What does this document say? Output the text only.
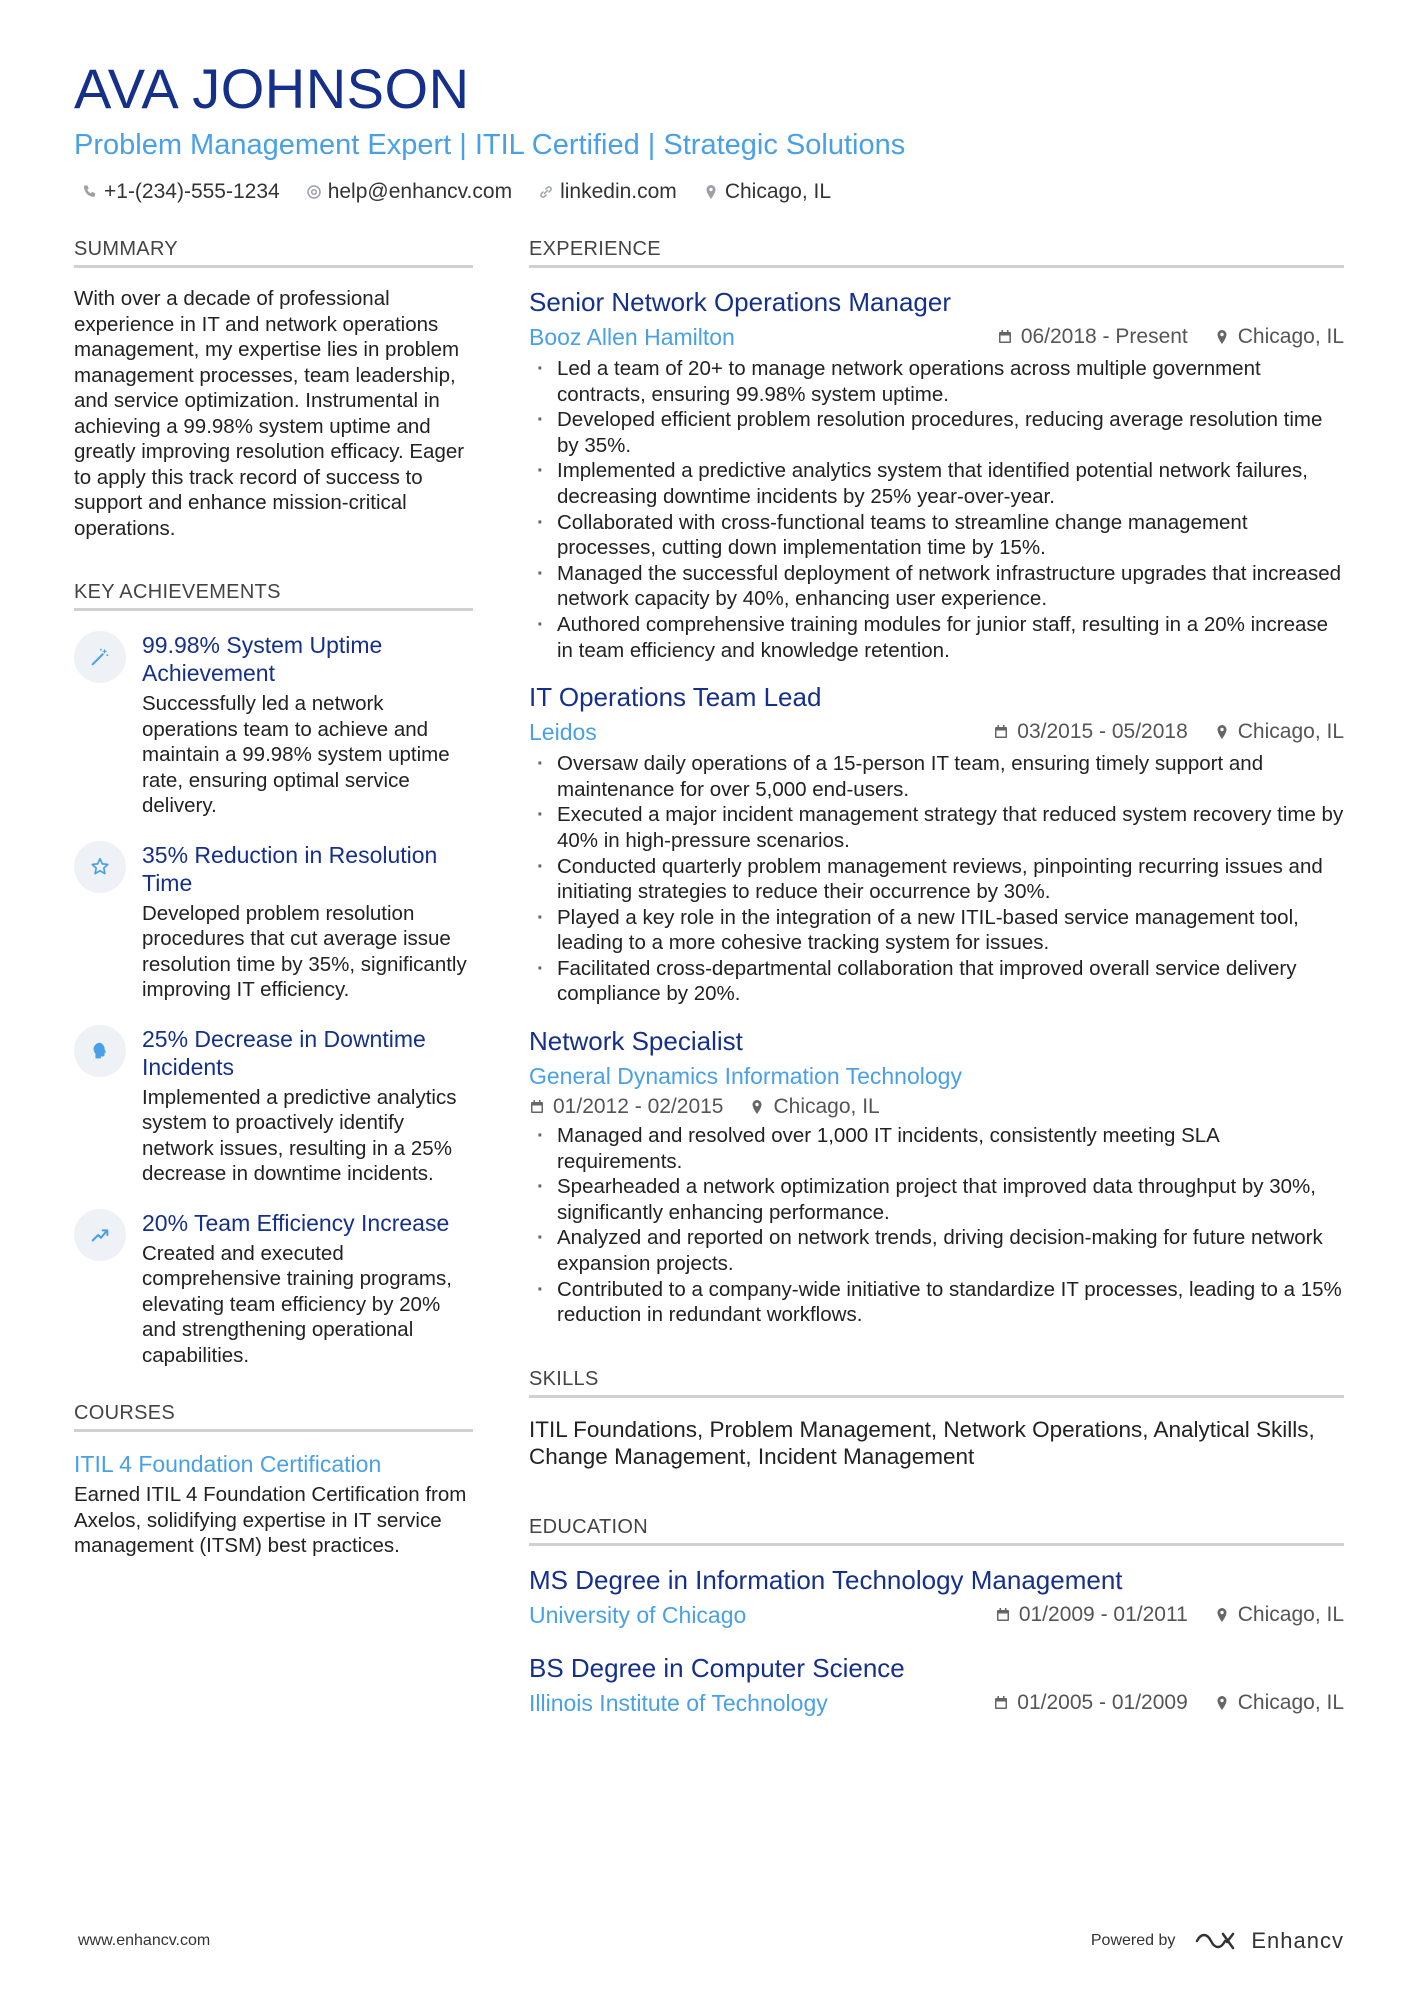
AVA JOHNSON
Problem Management Expert | ITIL Certified | Strategic Solutions
+1-(234)-555-1234 help@enhancv.com linkedin.com Chicago, IL
SUMMARY
With over a decade of professional experience in IT and network operations management, my expertise lies in problem management processes, team leadership, and service optimization. Instrumental in achieving a 99.98% system uptime and greatly improving resolution efficacy. Eager to apply this track record of success to support and enhance mission-critical operations.
KEY ACHIEVEMENTS
99.98% System Uptime Achievement
Successfully led a network operations team to achieve and maintain a 99.98% system uptime rate, ensuring optimal service delivery.
35% Reduction in Resolution Time
Developed problem resolution procedures that cut average issue resolution time by 35%, significantly improving IT efficiency.
25% Decrease in Downtime Incidents
Implemented a predictive analytics system to proactively identify network issues, resulting in a 25% decrease in downtime incidents.
20% Team Efficiency Increase
Created and executed comprehensive training programs, elevating team efficiency by 20% and strengthening operational capabilities.
COURSES
ITIL 4 Foundation Certification
Earned ITIL 4 Foundation Certification from Axelos, solidifying expertise in IT service management (ITSM) best practices.
EXPERIENCE
Senior Network Operations Manager
Booz Allen Hamilton	06/2018 - Present Chicago, IL
· Led a team of 20+ to manage network operations across multiple government contracts, ensuring 99.98% system uptime.
· Developed efficient problem resolution procedures, reducing average resolution time by 35%.
· Implemented a predictive analytics system that identified potential network failures, decreasing downtime incidents by 25% year-over-year.
· Collaborated with cross-functional teams to streamline change management processes, cutting down implementation time by 15%.
· Managed the successful deployment of network infrastructure upgrades that increased network capacity by 40%, enhancing user experience.
· Authored comprehensive training modules for junior staff, resulting in a 20% increase in team efficiency and knowledge retention.
IT Operations Team Lead
Leidos	03/2015 - 05/2018 Chicago, IL
· Oversaw daily operations of a 15-person IT team, ensuring timely support and maintenance for over 5,000 end-users.
· Executed a major incident management strategy that reduced system recovery time by 40% in high-pressure scenarios.
· Conducted quarterly problem management reviews, pinpointing recurring issues and initiating strategies to reduce their occurrence by 30%.
· Played a key role in the integration of a new ITIL-based service management tool, leading to a more cohesive tracking system for issues.
· Facilitated cross-departmental collaboration that improved overall service delivery compliance by 20%.
Network Specialist
General Dynamics Information Technology
01/2012 - 02/2015 Chicago, IL
· Managed and resolved over 1,000 IT incidents, consistently meeting SLA requirements.
· Spearheaded a network optimization project that improved data throughput by 30%, significantly enhancing performance.
· Analyzed and reported on network trends, driving decision-making for future network expansion projects.
· Contributed to a company-wide initiative to standardize IT processes, leading to a 15% reduction in redundant workflows.
SKILLS
ITIL Foundations, Problem Management, Network Operations, Analytical Skills, Change Management, Incident Management
EDUCATION
MS Degree in Information Technology Management
University of Chicago	01/2009 - 01/2011 Chicago, IL
BS Degree in Computer Science
Illinois Institute of Technology	01/2005 - 01/2009 Chicago, IL
www.enhancv.com	Powered by	Enhancv
